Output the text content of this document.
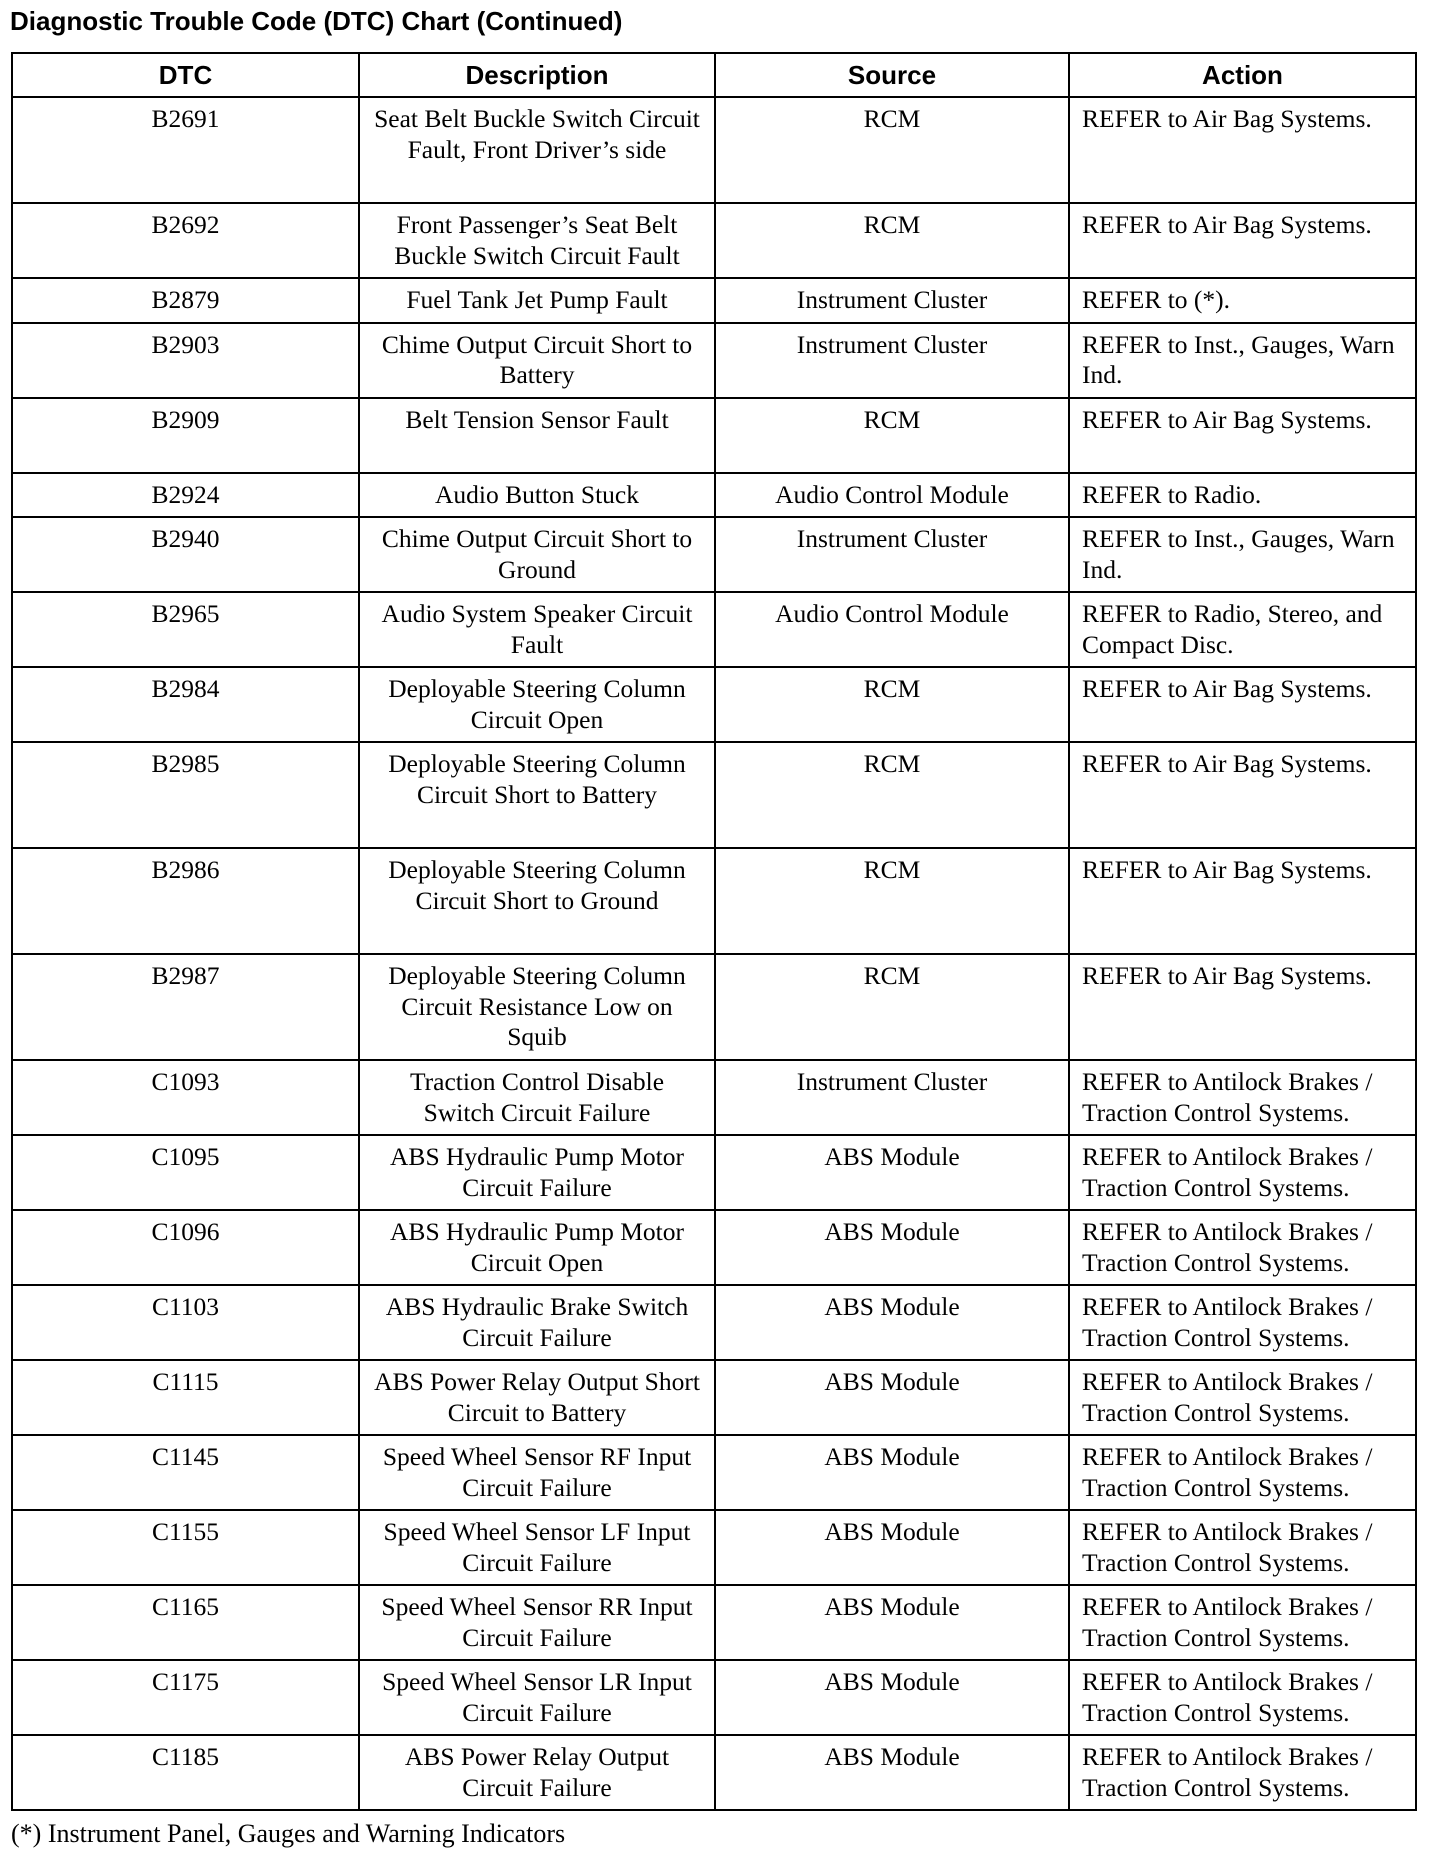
Diagnostic Trouble Code (DTC) Chart (Continued)
DTC	Description	Source	Action
B2691	Seat Belt Buckle Switch Circuit Fault, Front Driver’s side	RCM	REFER to Air Bag Systems.
B2692	Front Passenger’s Seat Belt Buckle Switch Circuit Fault	RCM	REFER to Air Bag Systems.
B2879	Fuel Tank Jet Pump Fault	Instrument Cluster	REFER to (*).
B2903	Chime Output Circuit Short to Battery	Instrument Cluster	REFER to Inst., Gauges, Warn Ind.
B2909	Belt Tension Sensor Fault	RCM	REFER to Air Bag Systems.
B2924	Audio Button Stuck	Audio Control Module	REFER to Radio.
B2940	Chime Output Circuit Short to Ground	Instrument Cluster	REFER to Inst., Gauges, Warn Ind.
B2965	Audio System Speaker Circuit Fault	Audio Control Module	REFER to Radio, Stereo, and Compact Disc.
B2984	Deployable Steering Column Circuit Open	RCM	REFER to Air Bag Systems.
B2985	Deployable Steering Column Circuit Short to Battery	RCM	REFER to Air Bag Systems.
B2986	Deployable Steering Column Circuit Short to Ground	RCM	REFER to Air Bag Systems.
B2987	Deployable Steering Column Circuit Resistance Low on Squib	RCM	REFER to Air Bag Systems.
C1093	Traction Control Disable Switch Circuit Failure	Instrument Cluster	REFER to Antilock Brakes / Traction Control Systems.
C1095	ABS Hydraulic Pump Motor Circuit Failure	ABS Module	REFER to Antilock Brakes / Traction Control Systems.
C1096	ABS Hydraulic Pump Motor Circuit Open	ABS Module	REFER to Antilock Brakes / Traction Control Systems.
C1103	ABS Hydraulic Brake Switch Circuit Failure	ABS Module	REFER to Antilock Brakes / Traction Control Systems.
C1115	ABS Power Relay Output Short Circuit to Battery	ABS Module	REFER to Antilock Brakes / Traction Control Systems.
C1145	Speed Wheel Sensor RF Input Circuit Failure	ABS Module	REFER to Antilock Brakes / Traction Control Systems.
C1155	Speed Wheel Sensor LF Input Circuit Failure	ABS Module	REFER to Antilock Brakes / Traction Control Systems.
C1165	Speed Wheel Sensor RR Input Circuit Failure	ABS Module	REFER to Antilock Brakes / Traction Control Systems.
C1175	Speed Wheel Sensor LR Input Circuit Failure	ABS Module	REFER to Antilock Brakes / Traction Control Systems.
C1185	ABS Power Relay Output Circuit Failure	ABS Module	REFER to Antilock Brakes / Traction Control Systems.
(*) Instrument Panel, Gauges and Warning Indicators
